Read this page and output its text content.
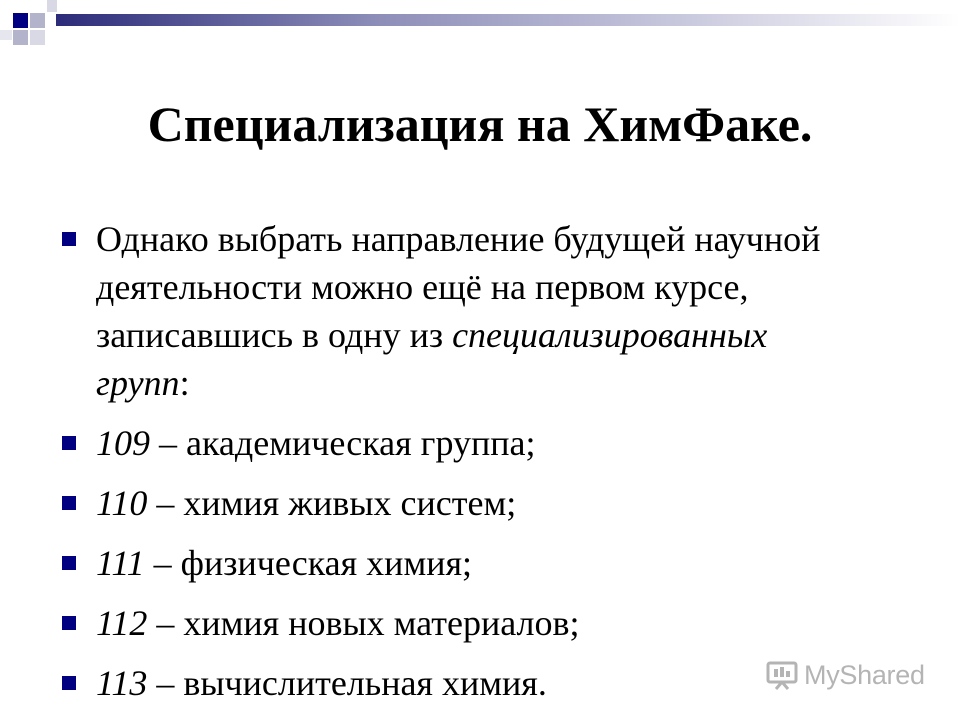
Специализация на ХимФаке.
Однако выбрать направление будущей научной деятельности можно ещё на первом курсе, записавшись в одну из специализированных групп:
109 – академическая группа;
110 – химия живых систем;
111 – физическая химия;
112 – химия новых материалов;
113 – вычислительная химия.	MyShared
